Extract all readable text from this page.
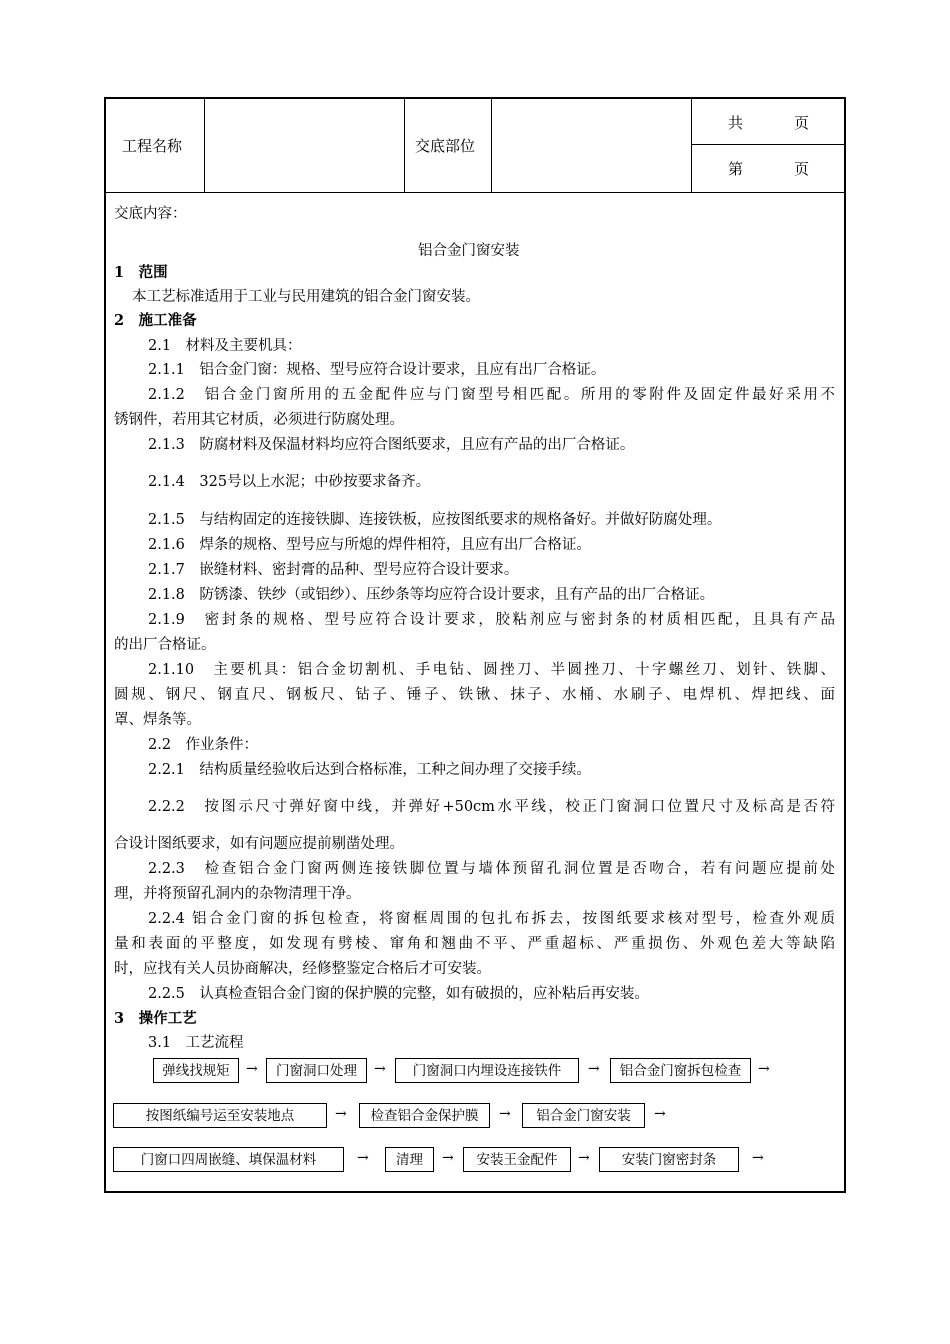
工程名称	交底部位
共	页
第	页
交底内容：
铝合金门窗安装
1　范围
本工艺标准适用于工业与民用建筑的铝合金门窗安装。
2　施工准备
2.1　材料及主要机具：
2.1.1　铝合金门窗：规格、型号应符合设计要求，且应有出厂合格证。
2.1.2　铝合金门窗所用的五金配件应与门窗型号相匹配。所用的零附件及固定件最好采用不
锈钢件，若用其它材质，必须进行防腐处理。
2.1.3　防腐材料及保温材料均应符合图纸要求，且应有产品的出厂合格证。
2.1.4　325号以上水泥；中砂按要求备齐。
2.1.5　与结构固定的连接铁脚、连接铁板，应按图纸要求的规格备好。并做好防腐处理。
2.1.6　焊条的规格、型号应与所熄的焊件相符，且应有出厂合格证。
2.1.7　嵌缝材料、密封膏的品种、型号应符合设计要求。
2.1.8　防锈漆、铁纱（或铝纱）、压纱条等均应符合设计要求，且有产品的出厂合格证。
2.1.9　密封条的规格、型号应符合设计要求，胶粘剂应与密封条的材质相匹配，且具有产品
的出厂合格证。
2.1.10　主要机具：铝合金切割机、手电钻、圆挫刀、半圆挫刀、十字螺丝刀、划针、铁脚、
圆规、钢尺、钢直尺、钢板尺、钻子、锤子、铁锹、抹子、水桶、水刷子、电焊机、焊把线、面
罩、焊条等。
2.2　作业条件：
2.2.1　结构质量经验收后达到合格标准，工种之间办理了交接手续。
2.2.2　按图示尺寸弹好窗中线，并弹好+50cm水平线，校正门窗洞口位置尺寸及标高是否符
合设计图纸要求，如有问题应提前剔凿处理。
2.2.3　检查铝合金门窗两侧连接铁脚位置与墙体预留孔洞位置是否吻合，若有问题应提前处
理，并将预留孔洞内的杂物清理干净。
2.2.4 铝合金门窗的拆包检查，将窗框周围的包扎布拆去，按图纸要求核对型号，检查外观质
量和表面的平整度，如发现有劈棱、窜角和翘曲不平、严重超标、严重损伤、外观色差大等缺陷
时，应找有关人员协商解决，经修整鉴定合格后才可安装。
2.2.5　认真检查铝合金门窗的保护膜的完整，如有破损的，应补粘后再安装。
3　操作工艺
3.1　工艺流程
弹线找规矩	→	门窗洞口处理	→	门窗洞口内埋设连接铁件	→	铝合金门窗拆包检查	→
按图纸编号运至安装地点	→	检查铝合金保护膜	→	铝合金门窗安装	→
门窗口四周嵌缝、填保温材料	→	清理	→	安装王金配件	→	安装门窗密封条	→
